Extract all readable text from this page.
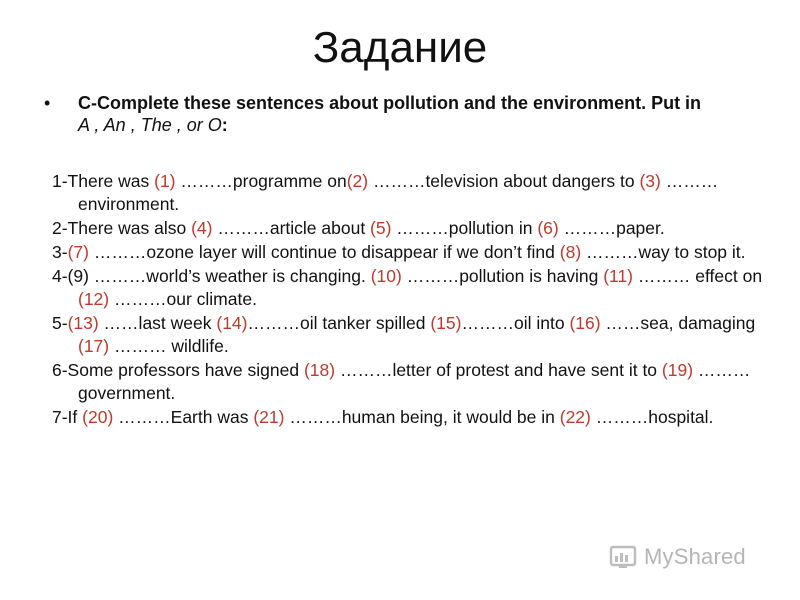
Задание
•	C-Complete these sentences about pollution and the environment. Put in
A , An , The , or O:
1-There was (1) ………programme on(2) ………television about dangers to (3) ………environment.
2-There was also (4) ………article about (5) ………pollution in (6) ………paper.
3-(7) ………ozone layer will continue to disappear if we don’t find (8) ………way to stop it.
4-(9) ………world’s weather is changing. (10) ………pollution is having (11) ……… effect on (12) ………our climate.
5-(13) ……last week (14)………oil tanker spilled (15)………oil into (16) ……sea, damaging (17) ……… wildlife.
6-Some professors have signed (18) ………letter of protest and have sent it to (19) ………government.
7-If (20) ………Earth was (21) ………human being, it would be in (22) ………hospital.
MyShared
